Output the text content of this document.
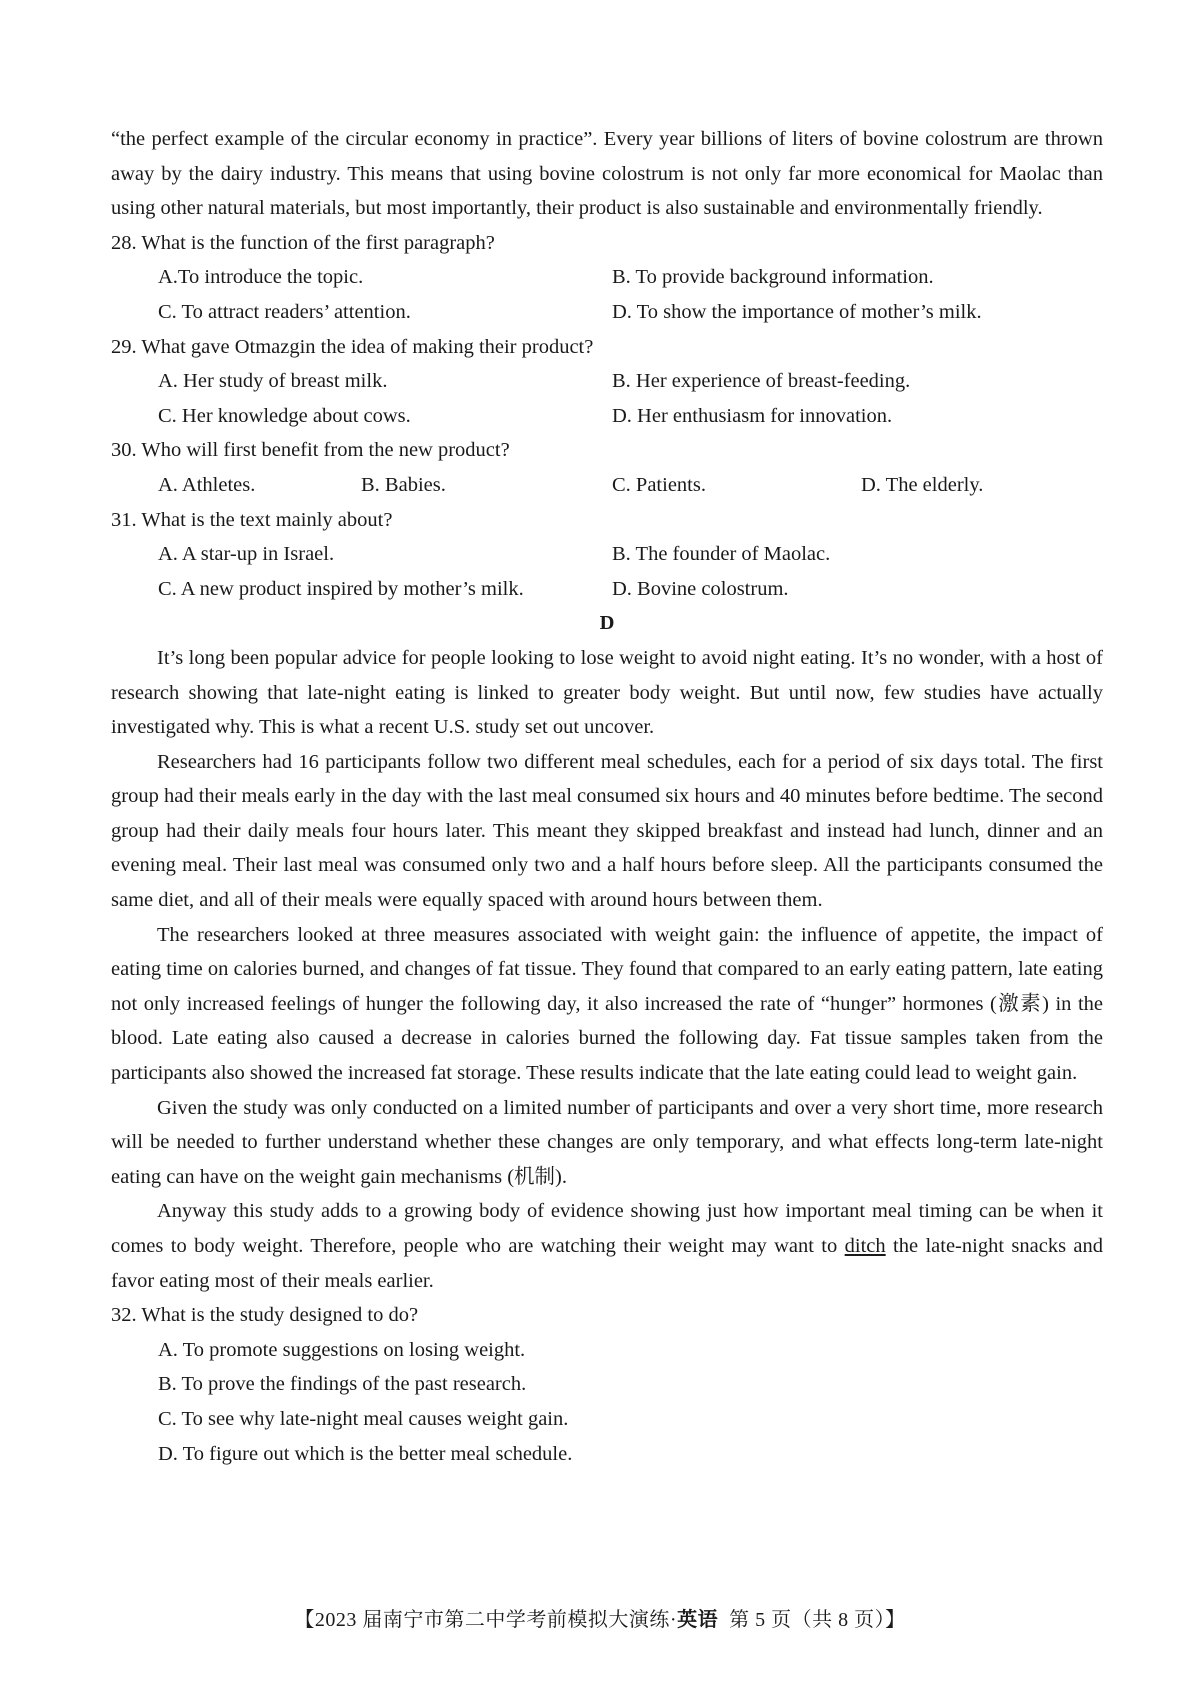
“the perfect example of the circular economy in practice”. Every year billions of liters of bovine colostrum are thrown away by the dairy industry. This means that using bovine colostrum is not only far more economical for Maolac than using other natural materials, but most importantly, their product is also sustainable and environmentally friendly.

28. What is the function of the first paragraph?

A.To introduce the topic.	B. To provide background information.
C. To attract readers’ attention.	D. To show the importance of mother’s milk.

29. What gave Otmazgin the idea of making their product?

A. Her study of breast milk.	B. Her experience of breast-feeding.
C. Her knowledge about cows.	D. Her enthusiasm for innovation.

30. Who will first benefit from the new product?

A. Athletes.	B. Babies.	C. Patients.	D. The elderly.

31. What is the text mainly about?

A. A star-up in Israel.	B. The founder of Maolac.
C. A new product inspired by mother’s milk.	D. Bovine colostrum.

D

It’s long been popular advice for people looking to lose weight to avoid night eating. It’s no wonder, with a host of research showing that late-night eating is linked to greater body weight. But until now, few studies have actually investigated why. This is what a recent U.S. study set out uncover.

Researchers had 16 participants follow two different meal schedules, each for a period of six days total. The first group had their meals early in the day with the last meal consumed six hours and 40 minutes before bedtime. The second group had their daily meals four hours later. This meant they skipped breakfast and instead had lunch, dinner and an evening meal. Their last meal was consumed only two and a half hours before sleep. All the participants consumed the same diet, and all of their meals were equally spaced with around hours between them.

The researchers looked at three measures associated with weight gain: the influence of appetite, the impact of eating time on calories burned, and changes of fat tissue. They found that compared to an early eating pattern, late eating not only increased feelings of hunger the following day, it also increased the rate of “hunger” hormones (激素) in the blood. Late eating also caused a decrease in calories burned the following day. Fat tissue samples taken from the participants also showed the increased fat storage. These results indicate that the late eating could lead to weight gain.

Given the study was only conducted on a limited number of participants and over a very short time, more research will be needed to further understand whether these changes are only temporary, and what effects long-term late-night eating can have on the weight gain mechanisms (机制).

Anyway this study adds to a growing body of evidence showing just how important meal timing can be when it comes to body weight. Therefore, people who are watching their weight may want to ditch the late-night snacks and favor eating most of their meals earlier.

32. What is the study designed to do?

A. To promote suggestions on losing weight.
B. To prove the findings of the past research.
C. To see why late-night meal causes weight gain.
D. To figure out which is the better meal schedule.
【2023 届南宁市第二中学考前模拟大演练·英语 第 5 页（共 8 页）】
